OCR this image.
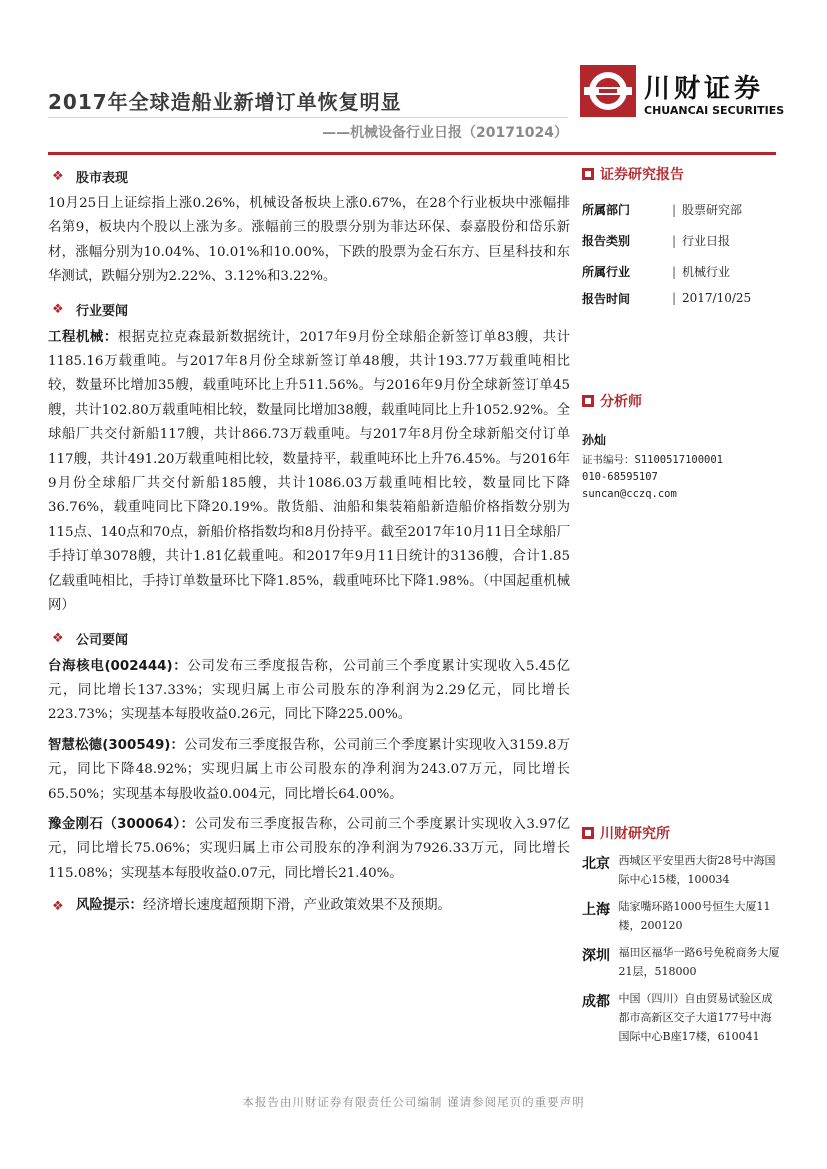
川财证券
CHUANCAI SECURITIES
2017年全球造船业新增订单恢复明显
——机械设备行业日报（20171024）
❖ 股市表现

10月25日上证综指上涨0.26%，机械设备板块上涨0.67%，在28个行业板块中涨幅排名第9，板块内个股以上涨为多。涨幅前三的股票分别为菲达环保、泰嘉股份和岱乐新材，涨幅分别为10.04%、10.01%和10.00%，下跌的股票为金石东方、巨星科技和东华测试，跌幅分别为2.22%、3.12%和3.22%。

❖ 行业要闻

工程机械：根据克拉克森最新数据统计，2017年9月份全球船企新签订单83艘，共计1185.16万载重吨。与2017年8月份全球新签订单48艘，共计193.77万载重吨相比较，数量环比增加35艘，载重吨环比上升511.56%。与2016年9月份全球新签订单45艘，共计102.80万载重吨相比较，数量同比增加38艘，载重吨同比上升1052.92%。全球船厂共交付新船117艘，共计866.73万载重吨。与2017年8月份全球新船交付订单117艘，共计491.20万载重吨相比较，数量持平，载重吨环比上升76.45%。与2016年9月份全球船厂共交付新船185艘，共计1086.03万载重吨相比较，数量同比下降36.76%，载重吨同比下降20.19%。散货船、油船和集装箱船新造船价格指数分别为115点、140点和70点，新船价格指数均和8月份持平。截至2017年10月11日全球船厂手持订单3078艘，共计1.81亿载重吨。和2017年9月11日统计的3136艘，合计1.85亿载重吨相比，手持订单数量环比下降1.85%，载重吨环比下降1.98%。（中国起重机械网）

❖ 公司要闻

台海核电(002444)：公司发布三季度报告称，公司前三个季度累计实现收入5.45亿元，同比增长137.33%；实现归属上市公司股东的净利润为2.29亿元，同比增长223.73%；实现基本每股收益0.26元，同比下降225.00%。

智慧松德(300549)：公司发布三季度报告称，公司前三个季度累计实现收入3159.8万元，同比下降48.92%；实现归属上市公司股东的净利润为243.07万元，同比增长65.50%；实现基本每股收益0.004元，同比增长64.00%。

豫金刚石（300064）：公司发布三季度报告称，公司前三个季度累计实现收入3.97亿元，同比增长75.06%；实现归属上市公司股东的净利润为7926.33万元，同比增长115.08%；实现基本每股收益0.07元，同比增长21.40%。

❖ 风险提示：经济增长速度超预期下滑，产业政策效果不及预期。
证券研究报告
所属部门	| 股票研究部
报告类别	| 行业日报
所属行业	| 机械行业
报告时间	| 2017/10/25
分析师
孙灿
证书编号：S1100517100001
010-68595107
suncan@cczq.com
川财研究所
北京 西城区平安里西大街28号中海国际中心15楼，100034
上海 陆家嘴环路1000号恒生大厦11楼，200120
深圳 福田区福华一路6号免税商务大厦21层，518000
成都 中国（四川）自由贸易试验区成都市高新区交子大道177号中海国际中心B座17楼，610041
本报告由川财证券有限责任公司编制 谨请参阅尾页的重要声明
